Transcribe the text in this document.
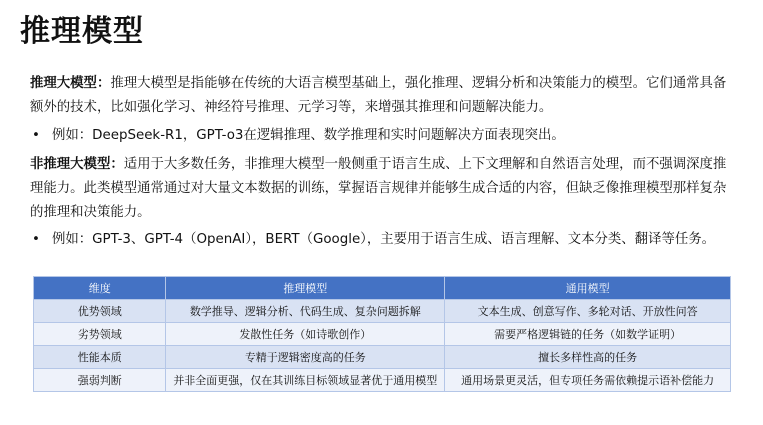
推理模型

推理大模型：推理大模型是指能够在传统的大语言模型基础上，强化推理、逻辑分析和决策能力的模型。它们通常具备额外的技术，比如强化学习、神经符号推理、元学习等，来增强其推理和问题解决能力。

• 例如：DeepSeek-R1，GPT-o3在逻辑推理、数学推理和实时问题解决方面表现突出。

非推理大模型：适用于大多数任务，非推理大模型一般侧重于语言生成、上下文理解和自然语言处理，而不强调深度推理能力。此类模型通常通过对大量文本数据的训练，掌握语言规律并能够生成合适的内容，但缺乏像推理模型那样复杂的推理和决策能力。

• 例如：GPT-3、GPT-4（OpenAI），BERT（Google），主要用于语言生成、语言理解、文本分类、翻译等任务。

维度	推理模型	通用模型
优势领域	数学推导、逻辑分析、代码生成、复杂问题拆解	文本生成、创意写作、多轮对话、开放性问答
劣势领域	发散性任务（如诗歌创作）	需要严格逻辑链的任务（如数学证明）
性能本质	专精于逻辑密度高的任务	擅长多样性高的任务
强弱判断	并非全面更强，仅在其训练目标领域显著优于通用模型	通用场景更灵活，但专项任务需依赖提示语补偿能力
